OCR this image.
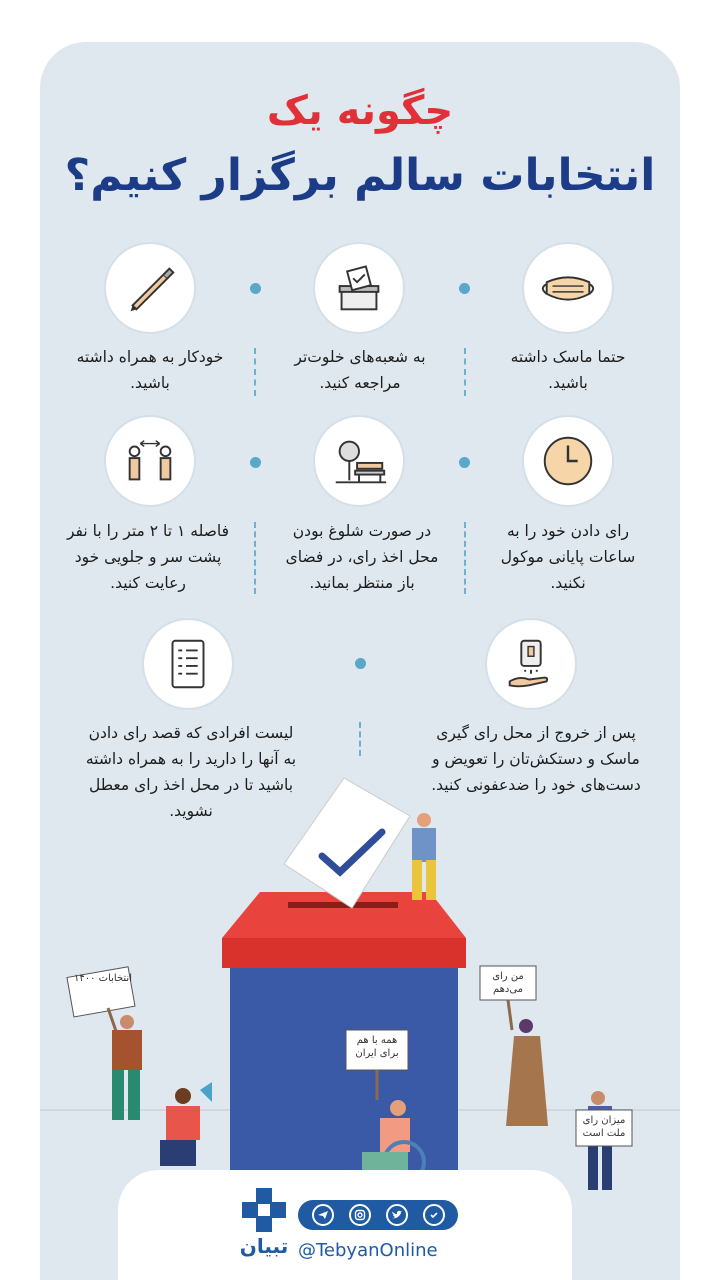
چگونه یک
انتخابات سالم برگزار کنیم؟
حتما ماسک داشته باشید.
به شعبه‌های خلوت‌تر مراجعه کنید.
خودکار به همراه داشته باشید.
رای دادن خود را به ساعات پایانی موکول نکنید.
در صورت شلوغ بودن محل اخذ رای، در فضای باز منتظر بمانید.
فاصله ۱ تا ۲ متر را با نفر پشت سر و جلویی خود رعایت کنید.
پس از خروج از محل رای گیری ماسک و دستکش‌تان را تعویض و دست‌های خود را ضدعفونی کنید.
لیست افرادی که قصد رای دادن به آنها را دارید را به همراه داشته باشید تا در محل اخذ رای معطل نشوید.
انتخابات ۱۴۰۰
همه با هم برای ایران
من رای می‌دهم
میزان رای ملت است
تبیان @TebyanOnline
